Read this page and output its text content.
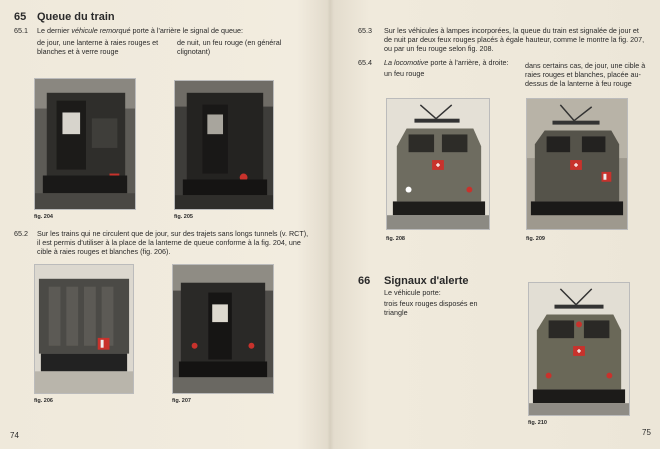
65 Queue du train
65.1 Le dernier véhicule remorqué porte à l'arrière le signal de queue:
de jour, une lanterne à raies rouges et blanches et à verre rouge
de nuit, un feu rouge (en général clignotant)
fig. 204	fig. 205
65.2 Sur les trains qui ne circulent que de jour, sur des trajets sans longs tunnels (v. RCT), il est permis d'utiliser à la place de la lanterne de queue conforme à la fig. 204, une cible à raies rouges et blanches (fig. 206).
fig. 206	fig. 207
74
65.3 Sur les véhicules à lampes incorporées, la queue du train est signalée de jour et de nuit par deux feux rouges placés à égale hauteur, comme le montre la fig. 207, ou par un feu rouge selon fig. 208.
65.4 La locomotive porte à l'arrière, à droite:
un feu rouge
dans certains cas, de jour, une cible à raies rouges et blanches, placée au-dessus de la lanterne à feu rouge
fig. 208	fig. 209
66 Signaux d'alerte
Le véhicule porte:
trois feux rouges disposés en triangle
fig. 210
75
